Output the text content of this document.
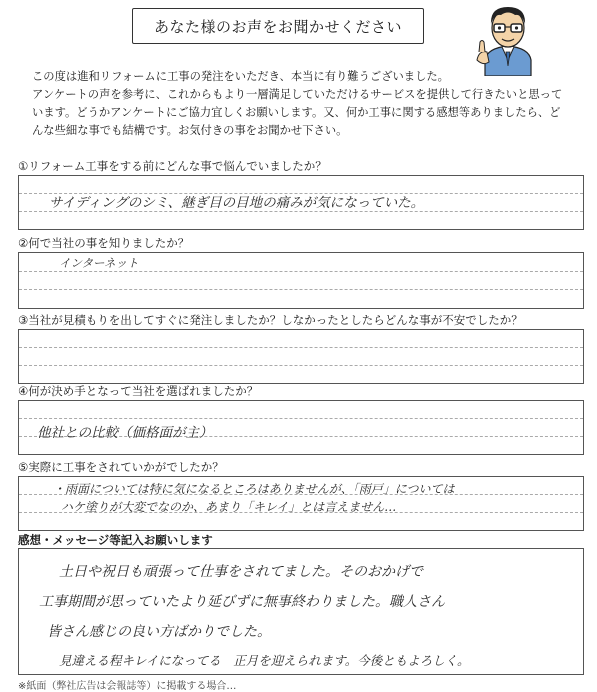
あなた様のお声をお聞かせください
この度は進和リフォームに工事の発注をいただき、本当に有り難うございました。
アンケートの声を参考に、これからもより一層満足していただけるサービスを提供して行きたいと思って
います。どうかアンケートにご協力宜しくお願いします。又、何か工事に関する感想等ありましたら、ど
んな些細な事でも結構です。お気付きの事をお聞かせ下さい。
①リフォーム工事をする前にどんな事で悩んでいましたか？
サイディングのシミ、継ぎ目の目地の痛みが気になっていた。
②何で当社の事を知りましたか？
インターネット
③当社が見積もりを出してすぐに発注しましたか？しなかったとしたらどんな事が不安でしたか？
④何が決め手となって当社を選ばれましたか？
他社との比較（価格面が主）
⑤実際に工事をされていかがでしたか？
・雨面については特に気になるところはありませんが、「雨戸」については
ハケ塗りが大変でなのか、あまり「キレイ」とは言えません…
感想・メッセージ等記入お願いします
土日や祝日も頑張って仕事をされてました。そのおかげで
工事期間が思っていたより延びずに無事終わりました。職人さん
皆さん感じの良い方ばかりでした。
見違える程キレイになってる　正月を迎えられます。今後ともよろしく。
※紙面（弊社広告は会報誌等）に掲載する場合…
